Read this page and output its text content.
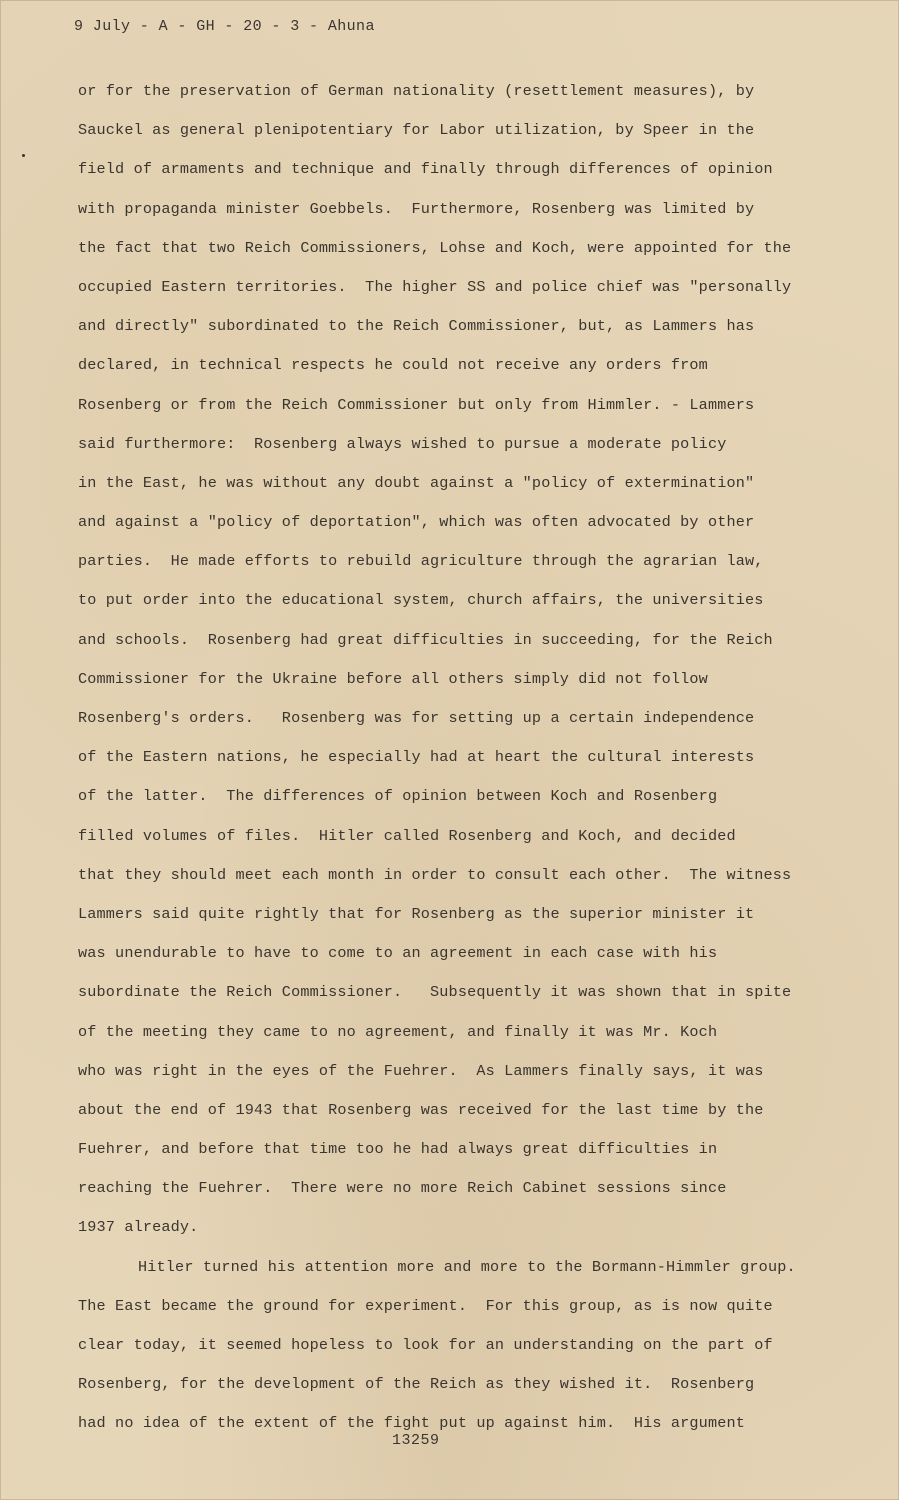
9 July - A - GH - 20 - 3 - Ahuna
or for the preservation of German nationality (resettlement measures), by
Sauckel as general plenipotentiary for Labor utilization, by Speer in the
field of armaments and technique and finally through differences of opinion
with propaganda minister Goebbels.  Furthermore, Rosenberg was limited by
the fact that two Reich Commissioners, Lohse and Koch, were appointed for the
occupied Eastern territories.  The higher SS and police chief was "personally
and directly" subordinated to the Reich Commissioner, but, as Lammers has
declared, in technical respects he could not receive any orders from
Rosenberg or from the Reich Commissioner but only from Himmler. - Lammers
said furthermore:  Rosenberg always wished to pursue a moderate policy
in the East, he was without any doubt against a "policy of extermination"
and against a "policy of deportation", which was often advocated by other
parties.  He made efforts to rebuild agriculture through the agrarian law,
to put order into the educational system, church affairs, the universities
and schools.  Rosenberg had great difficulties in succeeding, for the Reich
Commissioner for the Ukraine before all others simply did not follow
Rosenberg's orders.   Rosenberg was for setting up a certain independence
of the Eastern nations, he especially had at heart the cultural interests
of the latter.  The differences of opinion between Koch and Rosenberg
filled volumes of files.  Hitler called Rosenberg and Koch, and decided
that they should meet each month in order to consult each other.  The witness
Lammers said quite rightly that for Rosenberg as the superior minister it
was unendurable to have to come to an agreement in each case with his
subordinate the Reich Commissioner.   Subsequently it was shown that in spite
of the meeting they came to no agreement, and finally it was Mr. Koch
who was right in the eyes of the Fuehrer.  As Lammers finally says, it was
about the end of 1943 that Rosenberg was received for the last time by the
Fuehrer, and before that time too he had always great difficulties in
reaching the Fuehrer.  There were no more Reich Cabinet sessions since
1937 already.
Hitler turned his attention more and more to the Bormann-Himmler group.
The East became the ground for experiment.  For this group, as is now quite
clear today, it seemed hopeless to look for an understanding on the part of
Rosenberg, for the development of the Reich as they wished it.  Rosenberg
had no idea of the extent of the fight put up against him.  His argument
13259
